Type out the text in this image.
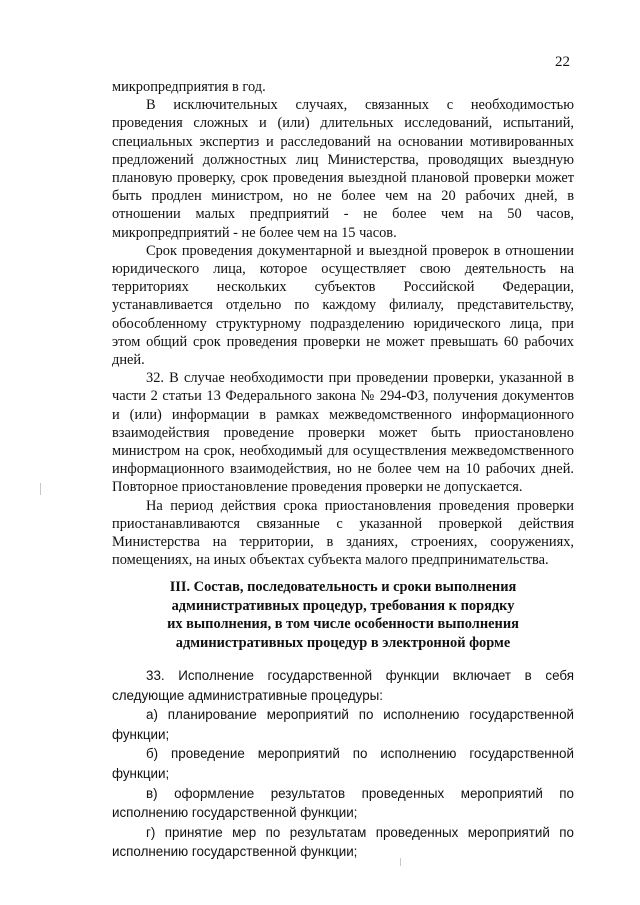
22

микропредприятия в год.

В исключительных случаях, связанных с необходимостью проведения сложных и (или) длительных исследований, испытаний, специальных экспертиз и расследований на основании мотивированных предложений должностных лиц Министерства, проводящих выездную плановую проверку, срок проведения выездной плановой проверки может быть продлен министром, но не более чем на 20 рабочих дней, в отношении малых предприятий - не более чем на 50 часов, микропредприятий - не более чем на 15 часов.

Срок проведения документарной и выездной проверок в отношении юридического лица, которое осуществляет свою деятельность на территориях нескольких субъектов Российской Федерации, устанавливается отдельно по каждому филиалу, представительству, обособленному структурному подразделению юридического лица, при этом общий срок проведения проверки не может превышать 60 рабочих дней.

32. В случае необходимости при проведении проверки, указанной в части 2 статьи 13 Федерального закона № 294-ФЗ, получения документов и (или) информации в рамках межведомственного информационного взаимодействия проведение проверки может быть приостановлено министром на срок, необходимый для осуществления межведомственного информационного взаимодействия, но не более чем на 10 рабочих дней. Повторное приостановление проведения проверки не допускается.

На период действия срока приостановления проведения проверки приостанавливаются связанные с указанной проверкой действия Министерства на территории, в зданиях, строениях, сооружениях, помещениях, на иных объектах субъекта малого предпринимательства.

III. Состав, последовательность и сроки выполнения
административных процедур, требования к порядку
их выполнения, в том числе особенности выполнения
административных процедур в электронной форме

33. Исполнение государственной функции включает в себя следующие административные процедуры:

а) планирование мероприятий по исполнению государственной функции;

б) проведение мероприятий по исполнению государственной функции;

в) оформление результатов проведенных мероприятий по исполнению государственной функции;

г) принятие мер по результатам проведенных мероприятий по исполнению государственной функции;
